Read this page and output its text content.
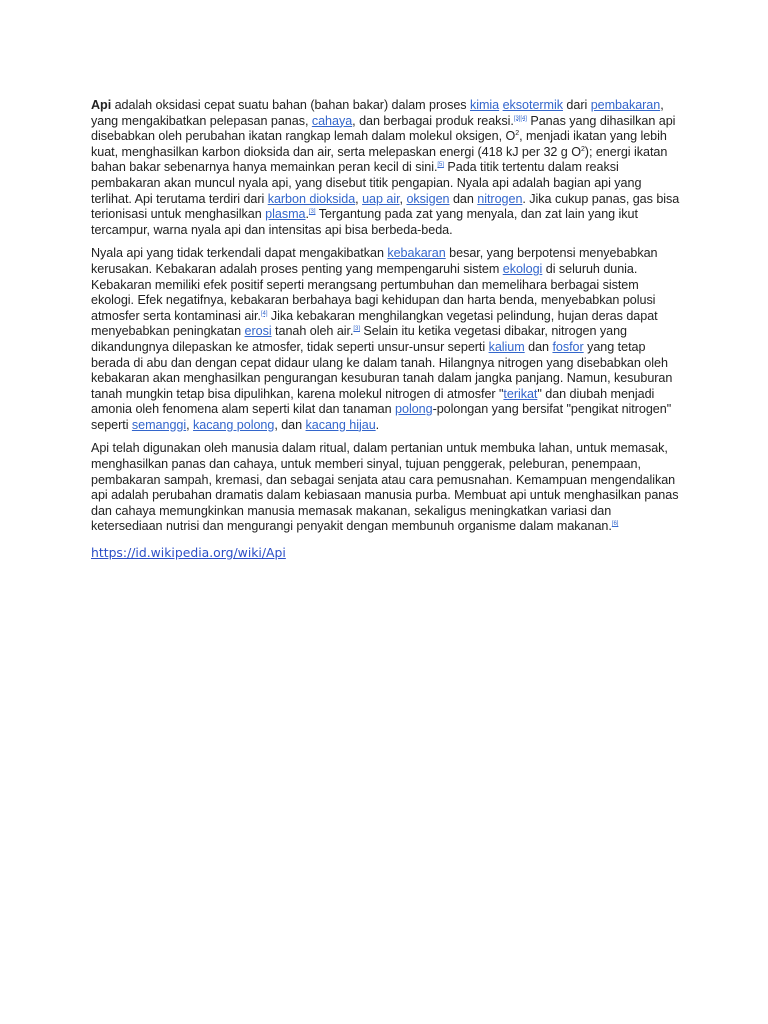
Api adalah oksidasi cepat suatu bahan (bahan bakar) dalam proses kimia eksotermik dari pembakaran, yang mengakibatkan pelepasan panas, cahaya, dan berbagai produk reaksi.[3][4] Panas yang dihasilkan api disebabkan oleh perubahan ikatan rangkap lemah dalam molekul oksigen, $O^2$, menjadi ikatan yang lebih kuat, menghasilkan karbon dioksida dan air, serta melepaskan energi (418 kJ per 32 g $O^2$); energi ikatan bahan bakar sebenarnya hanya memainkan peran kecil di sini.[5] Pada titik tertentu dalam reaksi pembakaran akan muncul nyala api, yang disebut titik pengapian. Nyala api adalah bagian api yang terlihat. Api terutama terdiri dari karbon dioksida, uap air, oksigen dan nitrogen. Jika cukup panas, gas bisa terionisasi untuk menghasilkan plasma.[3] Tergantung pada zat yang menyala, dan zat lain yang ikut tercampur, warna nyala api dan intensitas api bisa berbeda-beda.

Nyala api yang tidak terkendali dapat mengakibatkan kebakaran besar, yang berpotensi menyebabkan kerusakan. Kebakaran adalah proses penting yang mempengaruhi sistem ekologi di seluruh dunia. Kebakaran memiliki efek positif seperti merangsang pertumbuhan dan memelihara berbagai sistem ekologi. Efek negatifnya, kebakaran berbahaya bagi kehidupan dan harta benda, menyebabkan polusi atmosfer serta kontaminasi air.[4] Jika kebakaran menghilangkan vegetasi pelindung, hujan deras dapat menyebabkan peningkatan erosi tanah oleh air.[3] Selain itu ketika vegetasi dibakar, nitrogen yang dikandungnya dilepaskan ke atmosfer, tidak seperti unsur-unsur seperti kalium dan fosfor yang tetap berada di abu dan dengan cepat didaur ulang ke dalam tanah. Hilangnya nitrogen yang disebabkan oleh kebakaran akan menghasilkan pengurangan kesuburan tanah dalam jangka panjang. Namun, kesuburan tanah mungkin tetap bisa dipulihkan, karena molekul nitrogen di atmosfer "terikat" dan diubah menjadi amonia oleh fenomena alam seperti kilat dan tanaman polong-polongan yang bersifat "pengikat nitrogen" seperti semanggi, kacang polong, dan kacang hijau.

Api telah digunakan oleh manusia dalam ritual, dalam pertanian untuk membuka lahan, untuk memasak, menghasilkan panas dan cahaya, untuk memberi sinyal, tujuan penggerak, peleburan, penempaan, pembakaran sampah, kremasi, dan sebagai senjata atau cara pemusnahan. Kemampuan mengendalikan api adalah perubahan dramatis dalam kebiasaan manusia purba. Membuat api untuk menghasilkan panas dan cahaya memungkinkan manusia memasak makanan, sekaligus meningkatkan variasi dan ketersediaan nutrisi dan mengurangi penyakit dengan membunuh organisme dalam makanan.[6]

https://id.wikipedia.org/wiki/Api
